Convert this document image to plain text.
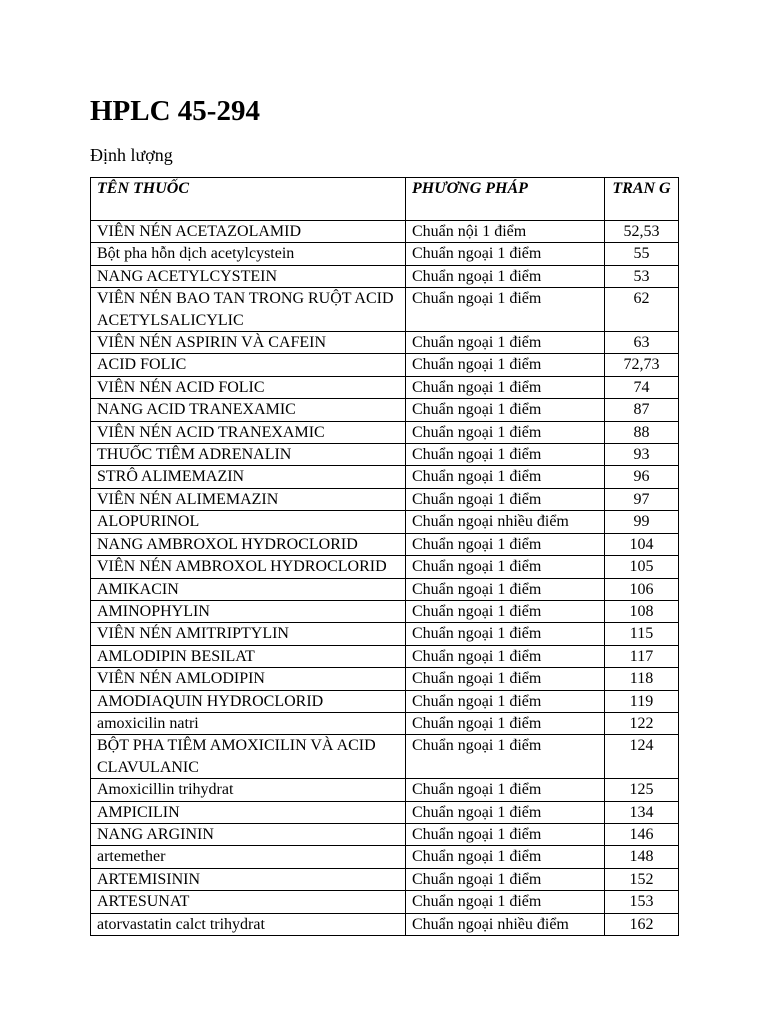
HPLC 45-294

Định lượng

TÊN THUỐC	PHƯƠNG PHÁP	TRAN G
VIÊN NÉN ACETAZOLAMID	Chuẩn nội 1 điểm	52,53
Bột pha hỗn dịch acetylcystein	Chuẩn ngoại 1 điểm	55
NANG ACETYLCYSTEIN	Chuẩn ngoại 1 điểm	53
VIÊN NÉN BAO TAN TRONG RUỘT ACID ACETYLSALICYLIC	Chuẩn ngoại 1 điểm	62
VIÊN NÉN ASPIRIN VÀ CAFEIN	Chuẩn ngoại 1 điểm	63
ACID FOLIC	Chuẩn ngoại 1 điểm	72,73
VIÊN NÉN ACID FOLIC	Chuẩn ngoại 1 điểm	74
NANG ACID TRANEXAMIC	Chuẩn ngoại 1 điểm	87
VIÊN NÉN ACID TRANEXAMIC	Chuẩn ngoại 1 điểm	88
THUỐC TIÊM ADRENALIN	Chuẩn ngoại 1 điểm	93
STRÔ ALIMEMAZIN	Chuẩn ngoại 1 điểm	96
VIÊN NÉN ALIMEMAZIN	Chuẩn ngoại 1 điểm	97
ALOPURINOL	Chuẩn ngoại nhiều điểm	99
NANG AMBROXOL HYDROCLORID	Chuẩn ngoại 1 điểm	104
VIÊN NÉN AMBROXOL HYDROCLORID	Chuẩn ngoại 1 điểm	105
AMIKACIN	Chuẩn ngoại 1 điểm	106
AMINOPHYLIN	Chuẩn ngoại 1 điểm	108
VIÊN NÉN AMITRIPTYLIN	Chuẩn ngoại 1 điểm	115
AMLODIPIN BESILAT	Chuẩn ngoại 1 điểm	117
VIÊN NÉN AMLODIPIN	Chuẩn ngoại 1 điểm	118
AMODIAQUIN HYDROCLORID	Chuẩn ngoại 1 điểm	119
amoxicilin natri	Chuẩn ngoại 1 điểm	122
BỘT PHA TIÊM AMOXICILIN VÀ ACID CLAVULANIC	Chuẩn ngoại 1 điểm	124
Amoxicillin trihydrat	Chuẩn ngoại 1 điểm	125
AMPICILIN	Chuẩn ngoại 1 điểm	134
NANG ARGININ	Chuẩn ngoại 1 điểm	146
artemether	Chuẩn ngoại 1 điểm	148
ARTEMISININ	Chuẩn ngoại 1 điểm	152
ARTESUNAT	Chuẩn ngoại 1 điểm	153
atorvastatin calct trihydrat	Chuẩn ngoại nhiều điểm	162
